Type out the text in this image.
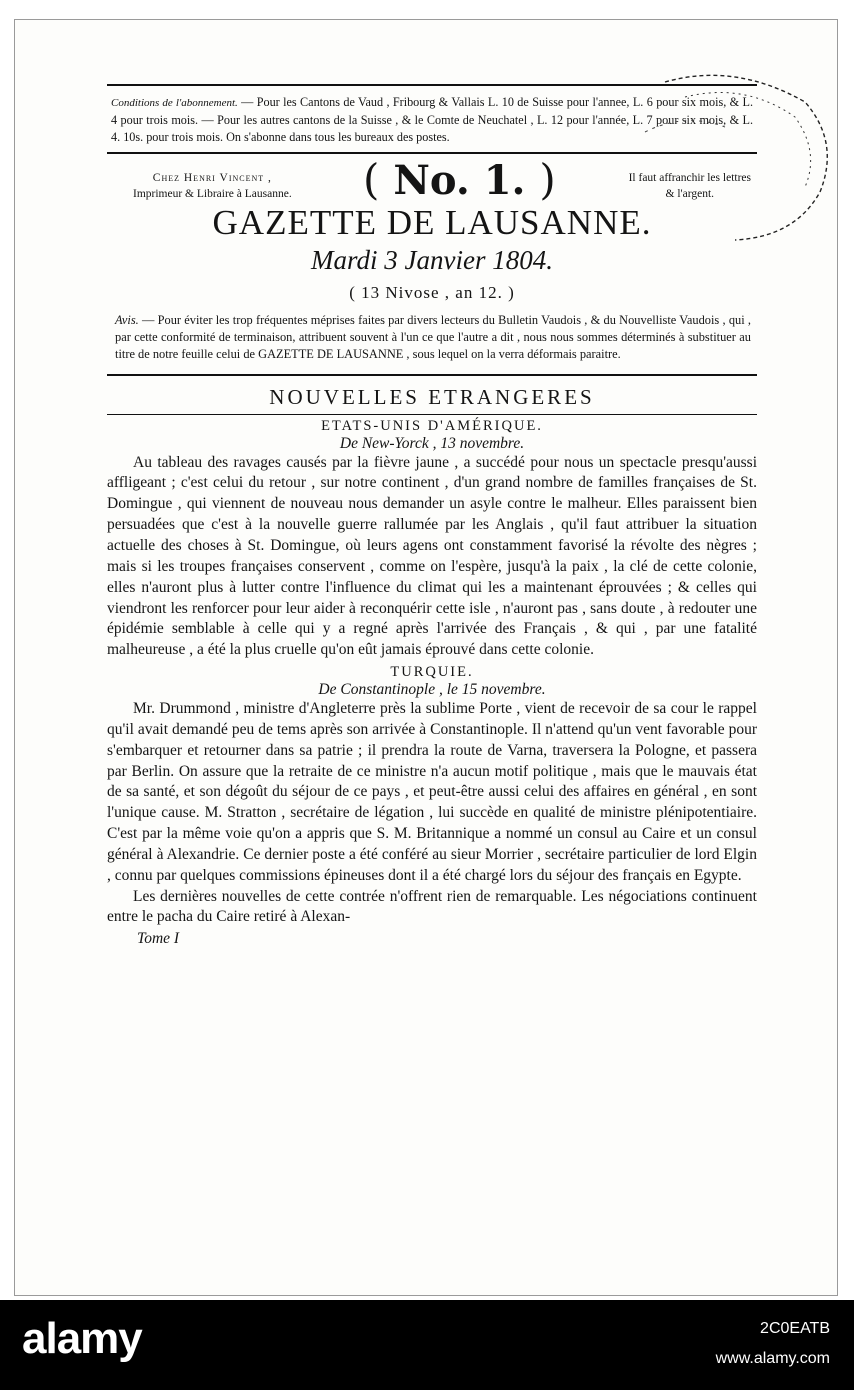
Conditions de l'abonnement. — Pour les Cantons de Vaud , Fribourg & Vallais L. 10 de Suisse pour l'annee, L. 6 pour six mois, & L. 4 pour trois mois. — Pour les autres cantons de la Suisse , & le Comte de Neuchatel , L. 12 pour l'année, L. 7 pour six mois, & L. 4. 10s. pour trois mois. On s'abonne dans tous les bureaux des postes.
Chez Henri Vincent ,
Imprimeur & Libraire à Lausanne. ( No. 1. )	Il faut affranchir les lettres
& l'argent.
GAZETTE DE LAUSANNE.
Mardi 3 Janvier 1804.
( 13 Nivose , an 12. )
Avis. — Pour éviter les trop fréquentes méprises faites par divers lecteurs du Bulletin Vaudois , & du Nouvelliste Vaudois , qui , par cette conformité de terminaison, attribuent souvent à l'un ce que l'autre a dit , nous nous sommes déterminés à substituer au titre de notre feuille celui de GAZETTE DE LAUSANNE , sous lequel on la verra déformais paraitre.
NOUVELLES ETRANGERES
ETATS-UNIS D'AMÉRIQUE.
De New-Yorck , 13 novembre.

Au tableau des ravages causés par la fièvre jaune , a succédé pour nous un spectacle presqu'aussi affligeant ; c'est celui du retour , sur notre continent , d'un grand nombre de familles françaises de St. Domingue , qui viennent de nouveau nous demander un asyle contre le malheur. Elles paraissent bien persuadées que c'est à la nouvelle guerre rallumée par les Anglais , qu'il faut attribuer la situation actuelle des choses à St. Domingue, où leurs agens ont constamment favorisé la révolte des nègres ; mais si les troupes françaises conservent , comme on l'espère, jusqu'à la paix , la clé de cette colonie, elles n'auront plus à lutter contre l'influence du climat qui les a maintenant éprouvées ; & celles qui viendront les renforcer pour leur aider à reconquérir cette isle , n'auront pas , sans doute , à redouter une épidémie semblable à celle qui y a regné après l'arrivée des Français , & qui , par une fatalité malheureuse , a été la plus cruelle qu'on eût jamais éprouvé dans cette colonie.

TURQUIE.
De Constantinople , le 15 novembre.

Mr. Drummond , ministre d'Angleterre près la sublime Porte , vient de recevoir de sa cour le rappel qu'il avait demandé peu de tems après son arrivée à Constantinople. Il n'attend qu'un vent favorable pour s'embarquer et retourner dans sa patrie ; il prendra la route de Varna, traversera la Pologne, et passera par Berlin. On assure que la retraite de ce ministre n'a aucun motif politique , mais que le mauvais état de sa santé, et son dégoût du séjour de ce pays , et peut-être aussi celui des affaires en général , en sont l'unique cause. M. Stratton , secrétaire de légation , lui succède en qualité de ministre plénipotentiaire. C'est par la même voie qu'on a appris que S. M. Britannique a nommé un consul au Caire et un consul général à Alexandrie. Ce dernier poste a été conféré au sieur Morrier , secrétaire particulier de lord Elgin , connu par quelques commissions épineuses dont il a été chargé lors du séjour des français en Egypte.

Les dernières nouvelles de cette contrée n'offrent rien de remarquable. Les négociations continuent entre le pacha du Caire retiré à Alexan-

Tome I
alamy	2C0EATB
www.alamy.com
